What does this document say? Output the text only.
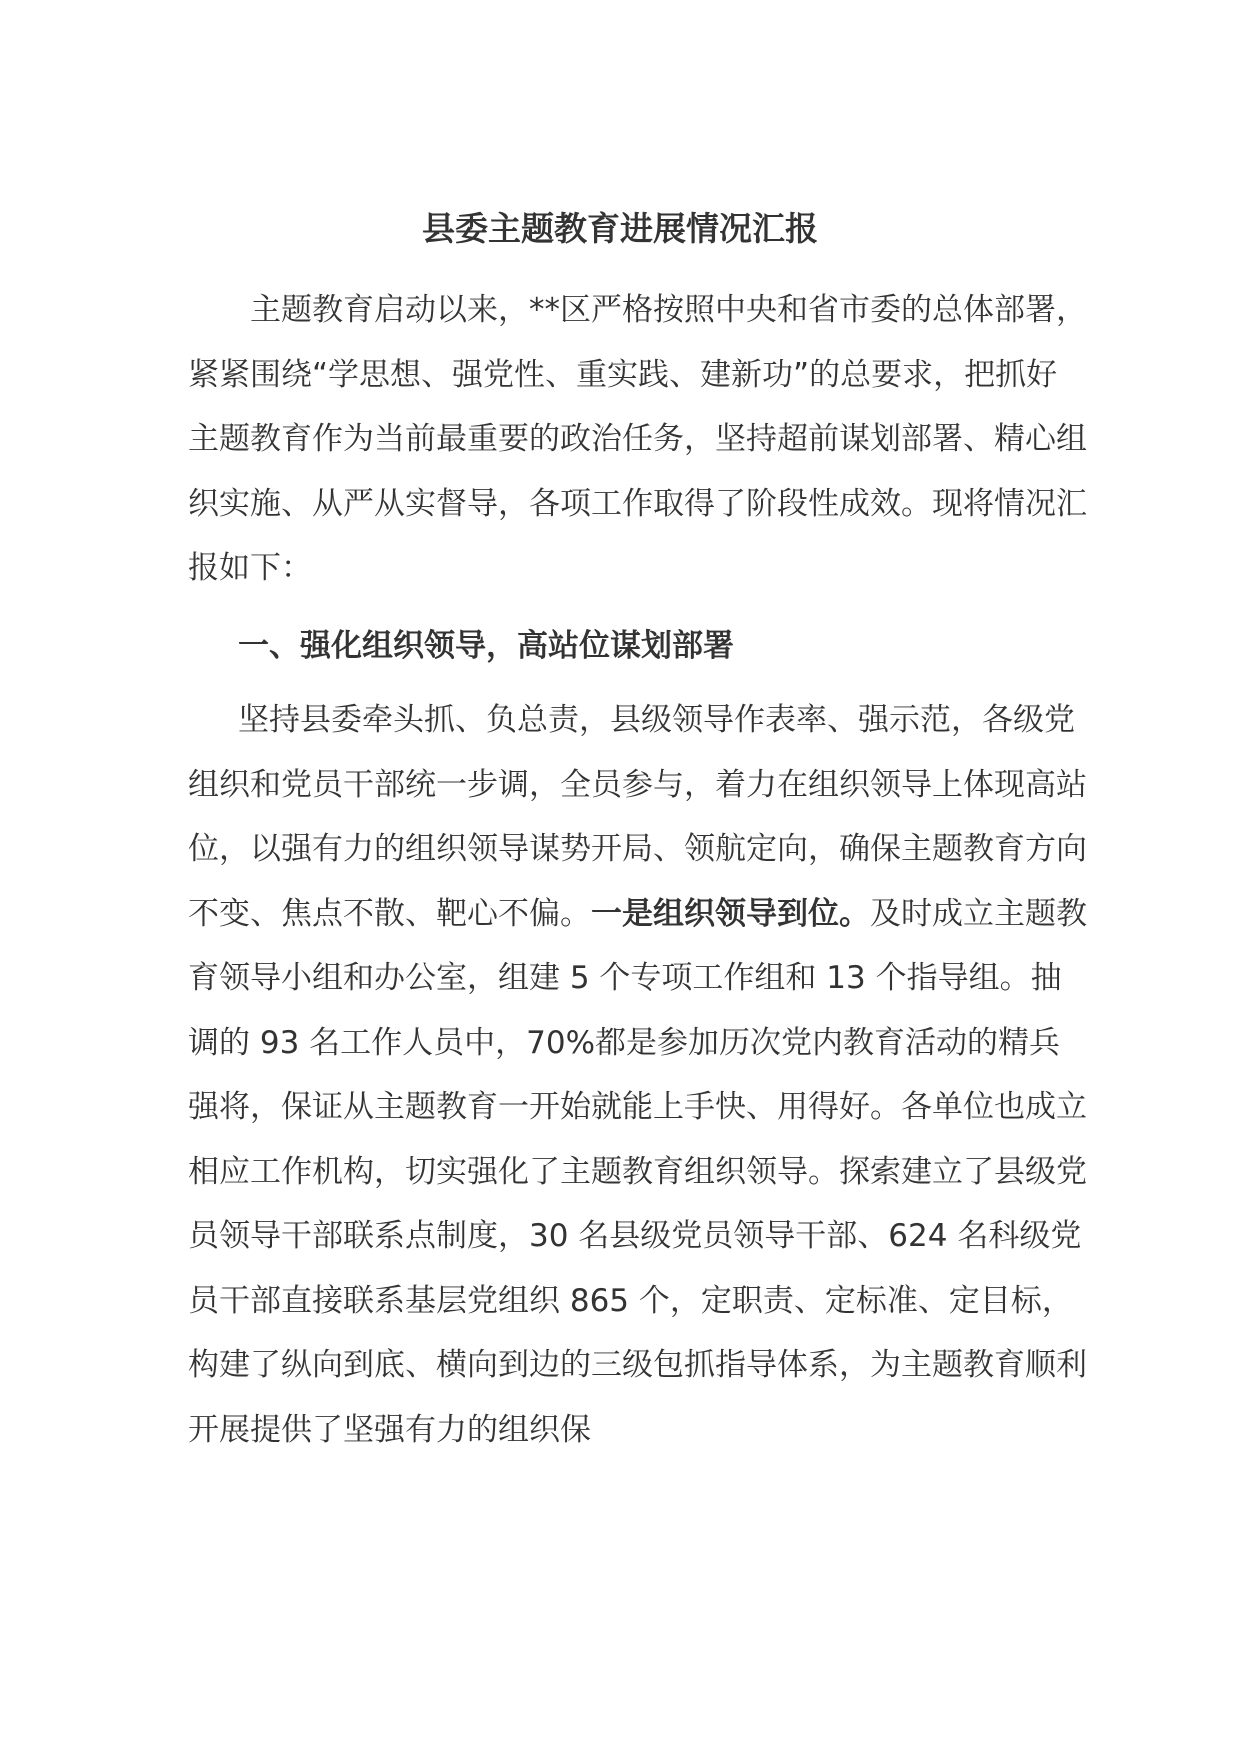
县委主题教育进展情况汇报

主题教育启动以来，**区严格按照中央和省市委的总体部署，紧紧围绕“学思想、强党性、重实践、建新功”的总要求，把抓好主题教育作为当前最重要的政治任务，坚持超前谋划部署、精心组织实施、从严从实督导，各项工作取得了阶段性成效。现将情况汇报如下：

一、强化组织领导，高站位谋划部署

坚持县委牵头抓、负总责，县级领导作表率、强示范，各级党组织和党员干部统一步调，全员参与，着力在组织领导上体现高站位，以强有力的组织领导谋势开局、领航定向，确保主题教育方向不变、焦点不散、靶心不偏。一是组织领导到位。及时成立主题教育领导小组和办公室，组建 5 个专项工作组和 13 个指导组。抽调的 93 名工作人员中，70%都是参加历次党内教育活动的精兵强将，保证从主题教育一开始就能上手快、用得好。各单位也成立相应工作机构，切实强化了主题教育组织领导。探索建立了县级党员领导干部联系点制度，30 名县级党员领导干部、624 名科级党员干部直接联系基层党组织 865 个，定职责、定标准、定目标，构建了纵向到底、横向到边的三级包抓指导体系，为主题教育顺利开展提供了坚强有力的组织保
